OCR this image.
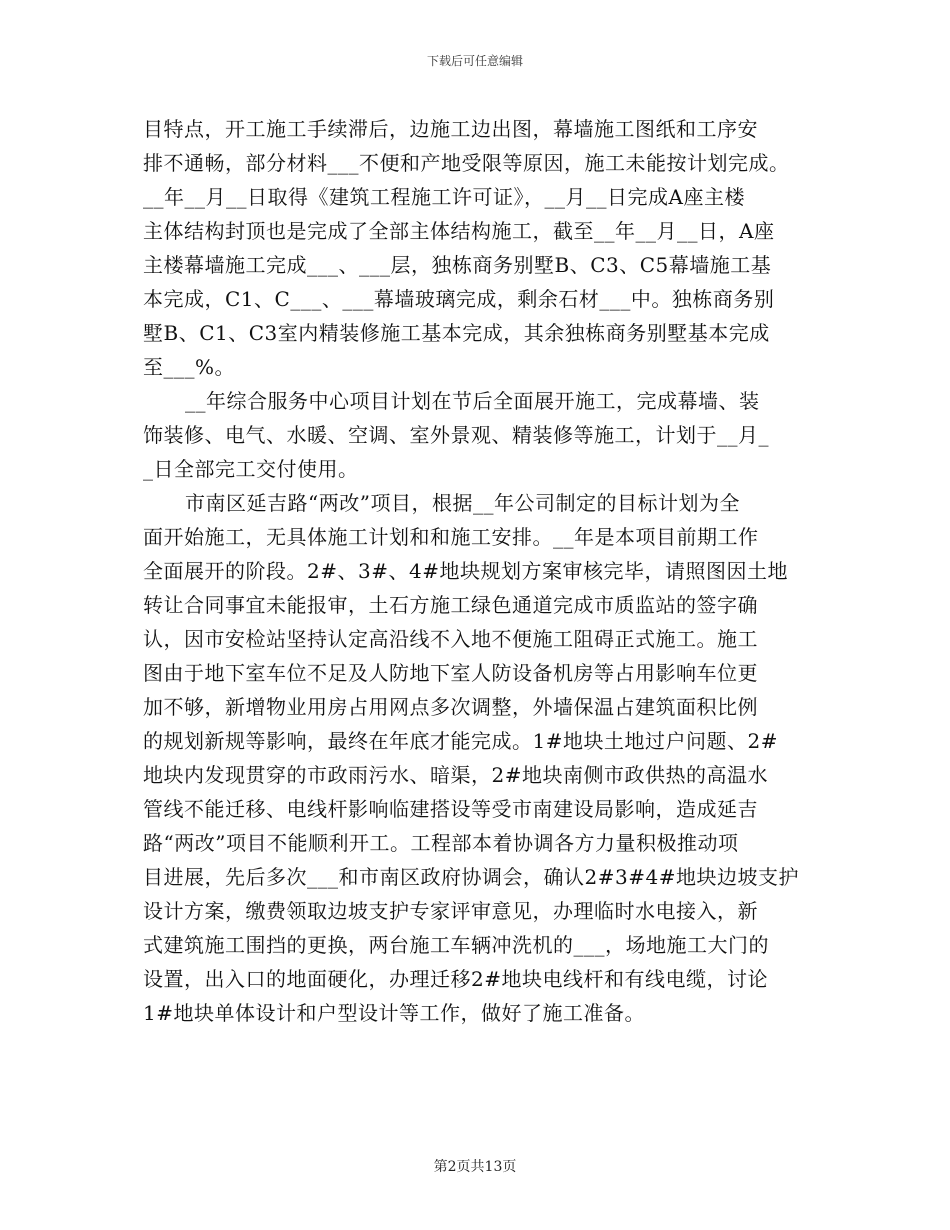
下载后可任意编辑
目特点，开工施工手续滞后，边施工边出图，幕墙施工图纸和工序安
排不通畅，部分材料___不便和产地受限等原因，施工未能按计划完成。
__年__月__日取得《建筑工程施工许可证》，__月__日完成A座主楼
主体结构封顶也是完成了全部主体结构施工，截至__年__月__日，A座
主楼幕墙施工完成___、___层，独栋商务别墅B、C3、C5幕墙施工基
本完成，C1、C___、___幕墙玻璃完成，剩余石材___中。独栋商务别
墅B、C1、C3室内精装修施工基本完成，其余独栋商务别墅基本完成
至___%。
__年综合服务中心项目计划在节后全面展开施工，完成幕墙、装
饰装修、电气、水暖、空调、室外景观、精装修等施工，计划于__月_
_日全部完工交付使用。
市南区延吉路“两改”项目，根据__年公司制定的目标计划为全
面开始施工，无具体施工计划和和施工安排。__年是本项目前期工作
全面展开的阶段。2#、3#、4#地块规划方案审核完毕，请照图因土地
转让合同事宜未能报审，土石方施工绿色通道完成市质监站的签字确
认，因市安检站坚持认定高沿线不入地不便施工阻碍正式施工。施工
图由于地下室车位不足及人防地下室人防设备机房等占用影响车位更
加不够，新增物业用房占用网点多次调整，外墙保温占建筑面积比例
的规划新规等影响，最终在年底才能完成。1#地块土地过户问题、2#
地块内发现贯穿的市政雨污水、暗渠，2#地块南侧市政供热的高温水
管线不能迁移、电线杆影响临建搭设等受市南建设局影响，造成延吉
路“两改”项目不能顺利开工。工程部本着协调各方力量积极推动项
目进展，先后多次___和市南区政府协调会，确认2#3#4#地块边坡支护
设计方案，缴费领取边坡支护专家评审意见，办理临时水电接入，新
式建筑施工围挡的更换，两台施工车辆冲洗机的___，场地施工大门的
设置，出入口的地面硬化，办理迁移2#地块电线杆和有线电缆，讨论
1#地块单体设计和户型设计等工作，做好了施工准备。
第2页共13页
